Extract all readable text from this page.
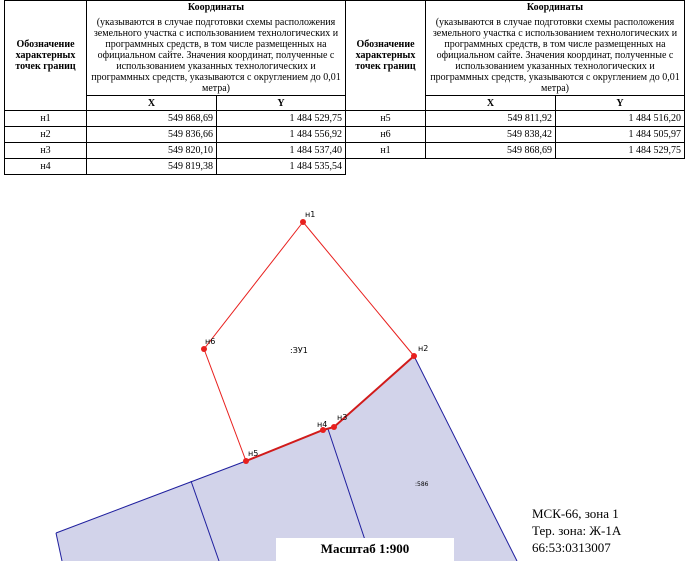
Обозначение характерных точек границ	Координаты
(указываются в случае подготовки схемы расположения земельного участка с использованием технологических и программных средств, в том числе размещенных на официальном сайте. Значения координат, полученные с использованием указанных технологических и программных средств, указываются с округлением до 0,01 метра)	

	X	Y
н1	549 868,69	1 484 529,75
н2	549 836,66	1 484 556,92
н3	549 820,10	1 484 537,40
н4	549 819,38	1 484 535,54
Обозначение характерных точек границ	Координаты
(указываются в случае подготовки схемы расположения земельного участка с использованием технологических и программных средств, в том числе размещенных на официальном сайте. Значения координат, полученные с использованием указанных технологических и программных средств, указываются с округлением до 0,01 метра)	

	X	Y
н5	549 811,92	1 484 516,20
н6	549 838,42	1 484 505,97
н1	549 868,69	1 484 529,75
н1
н2
н3
н4
н5
н6
:ЗУ1
:586
Масштаб 1:900
МСК-66, зона 1
Тер. зона: Ж-1А
66:53:0313007
